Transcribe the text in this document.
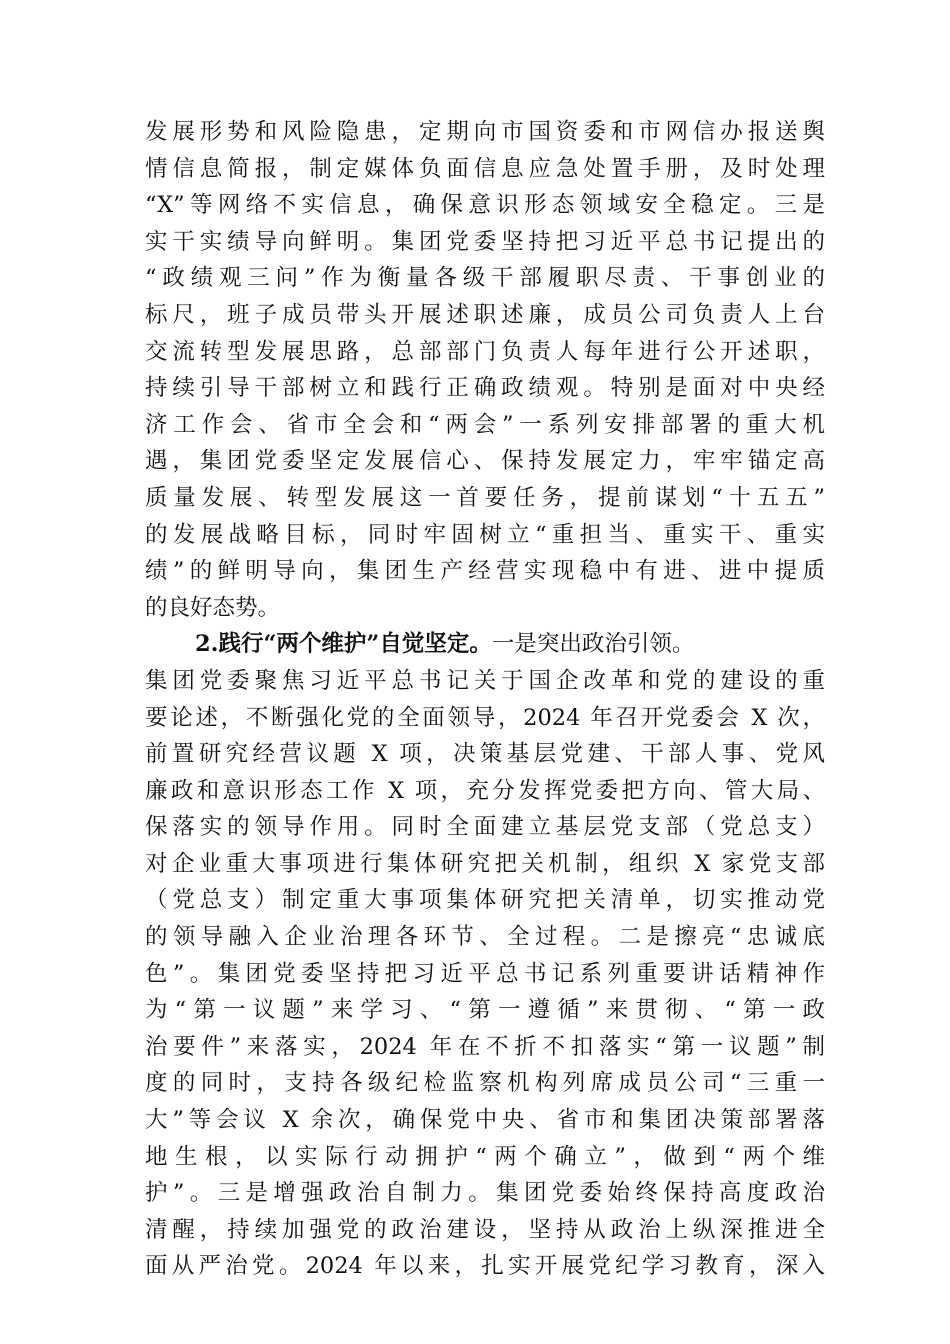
发展形势和风险隐患，定期向市国资委和市网信办报送舆
情信息简报，制定媒体负面信息应急处置手册，及时处理
“X”等网络不实信息，确保意识形态领域安全稳定。三是
实干实绩导向鲜明。集团党委坚持把习近平总书记提出的
“政绩观三问”作为衡量各级干部履职尽责、干事创业的
标尺，班子成员带头开展述职述廉，成员公司负责人上台
交流转型发展思路，总部部门负责人每年进行公开述职，
持续引导干部树立和践行正确政绩观。特别是面对中央经
济工作会、省市全会和“两会”一系列安排部署的重大机
遇，集团党委坚定发展信心、保持发展定力，牢牢锚定高
质量发展、转型发展这一首要任务，提前谋划“十五五”
的发展战略目标，同时牢固树立“重担当、重实干、重实
绩”的鲜明导向，集团生产经营实现稳中有进、进中提质
的良好态势。
2.践行“两个维护”自觉坚定。一是突出政治引领。
集团党委聚焦习近平总书记关于国企改革和党的建设的重
要论述，不断强化党的全面领导，2024 年召开党委会 X 次，
前置研究经营议题 X 项，决策基层党建、干部人事、党风
廉政和意识形态工作 X 项，充分发挥党委把方向、管大局、
保落实的领导作用。同时全面建立基层党支部（党总支）
对企业重大事项进行集体研究把关机制，组织 X 家党支部
（党总支）制定重大事项集体研究把关清单，切实推动党
的领导融入企业治理各环节、全过程。二是擦亮“忠诚底
色”。集团党委坚持把习近平总书记系列重要讲话精神作
为“第一议题”来学习、“第一遵循”来贯彻、“第一政
治要件”来落实，2024 年在不折不扣落实“第一议题”制
度的同时，支持各级纪检监察机构列席成员公司“三重一
大”等会议 X 余次，确保党中央、省市和集团决策部署落
地生根，以实际行动拥护“两个确立”，做到“两个维
护”。三是增强政治自制力。集团党委始终保持高度政治
清醒，持续加强党的政治建设，坚持从政治上纵深推进全
面从严治党。2024 年以来，扎实开展党纪学习教育，深入
